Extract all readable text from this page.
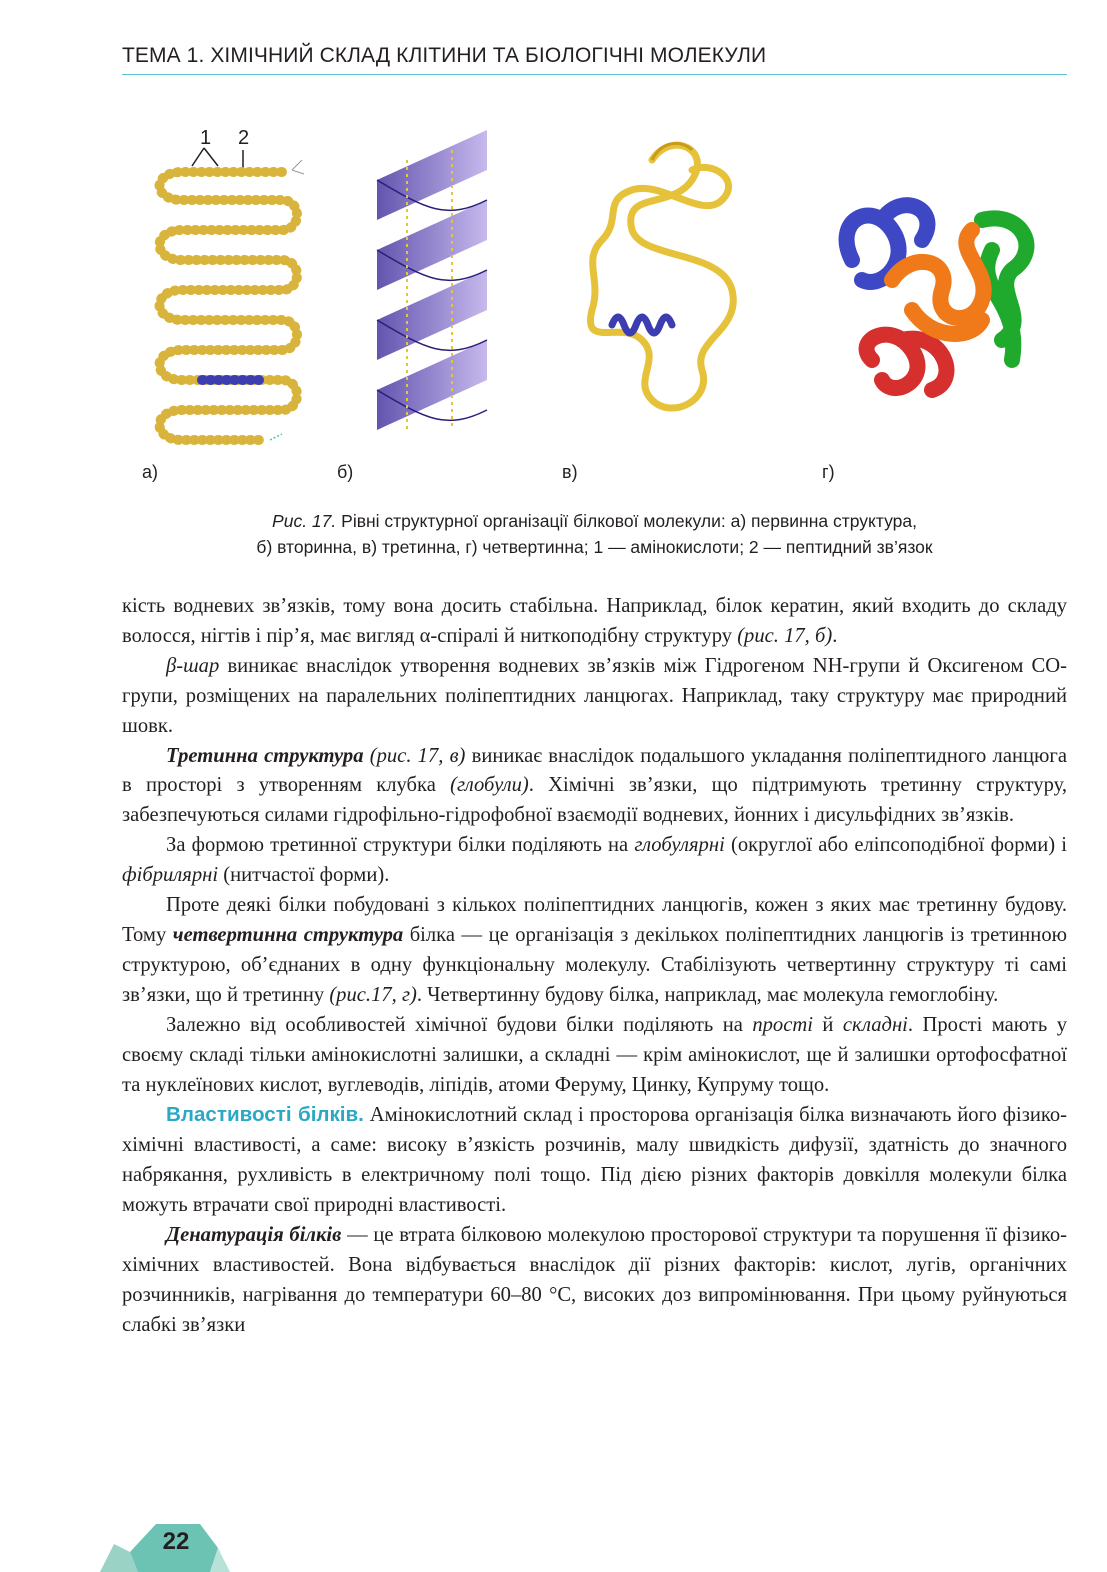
ТЕМА 1. ХІМІЧНИЙ СКЛАД КЛІТИНИ ТА БІОЛОГІЧНІ МОЛЕКУЛИ
1 2
а)	б)	в)	г)
Рис. 17. Рівні структурної організації білкової молекули: а) первинна структура,
б) вторинна, в) третинна, г) четвертинна; 1 — амінокислоти; 2 — пептидний зв’язок

кість водневих зв’язків, тому вона досить стабільна. Наприклад, білок кератин, який входить до складу волосся, нігтів і пір’я, має вигляд α-спіралі й ниткоподібну структуру (рис. 17, б).

β-шар виникає внаслідок утворення водневих зв’язків між Гідрогеном NH-групи й Оксигеном СО-групи, розміщених на паралельних поліпептидних ланцюгах. Наприклад, таку структуру має природний шовк.

Третинна структура (рис. 17, в) виникає внаслідок подальшого укладання поліпептидного ланцюга в просторі з утворенням клубка (глобули). Хімічні зв’язки, що підтримують третинну структуру, забезпечуються силами гідрофільно-гідрофобної взаємодії водневих, йонних і дисульфідних зв’язків.

За формою третинної структури білки поділяють на глобулярні (округлої або еліпсоподібної форми) і фібрилярні (нитчастої форми).

Проте деякі білки побудовані з кількох поліпептидних ланцюгів, кожен з яких має третинну будову. Тому четвертинна структура білка — це організація з декількох поліпептидних ланцюгів із третинною структурою, об’єднаних в одну функціональну молекулу. Стабілізують четвертинну структуру ті самі зв’язки, що й третинну (рис.17, г). Четвертинну будову білка, наприклад, має молекула гемоглобіну.

Залежно від особливостей хімічної будови білки поділяють на прості й складні. Прості мають у своєму складі тільки амінокислотні залишки, а складні — крім амінокислот, ще й залишки ортофосфатної та нуклеїнових кислот, вуглеводів, ліпідів, атоми Феруму, Цинку, Купруму тощо.

Властивості білків. Амінокислотний склад і просторова організація білка визначають його фізико-хімічні властивості, а саме: високу в’язкість розчинів, малу швидкість дифузії, здатність до значного набрякання, рухливість в електричному полі тощо. Під дією різних факторів довкілля молекули білка можуть втрачати свої природні властивості.

Денатурація білків — це втрата білковою молекулою просторової структури та порушення її фізико-хімічних властивостей. Вона відбувається внаслідок дії різних факторів: кислот, лугів, органічних розчинників, нагрівання до температури 60–80 °С, високих доз випромінювання. При цьому руйнуються слабкі зв’язки

22
